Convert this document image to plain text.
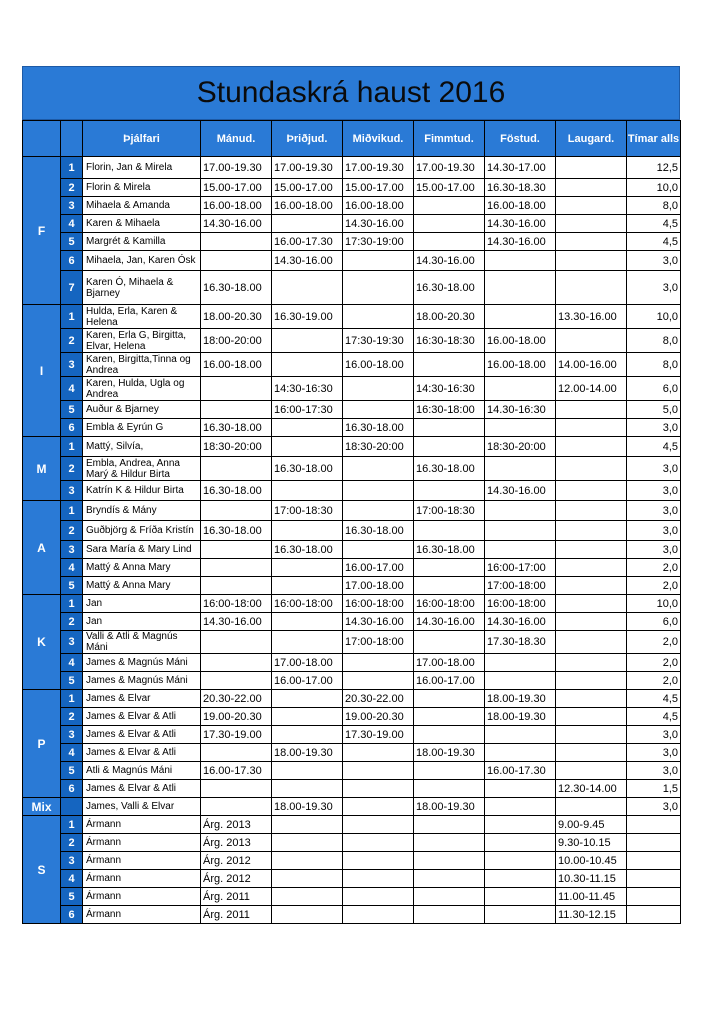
Stundaskrá haust 2016
		Þjálfari	Mánud.	Þriðjud.	Miðvikud.	Fimmtud.	Föstud.	Laugard.	Tímar alls
F	1	Florin, Jan & Mirela	17.00-19.30	17.00-19.30	17.00-19.30	17.00-19.30	14.30-17.00		12,5
	2	Florin & Mirela	15.00-17.00	15.00-17.00	15.00-17.00	15.00-17.00	16.30-18.30		10,0
	3	Mihaela & Amanda	16.00-18.00	16.00-18.00	16.00-18.00		16.00-18.00		8,0
	4	Karen & Mihaela	14.30-16.00		14.30-16.00		14.30-16.00		4,5
	5	Margrét & Kamilla		16.00-17.30	17:30-19:00		14.30-16.00		4,5
	6	Mihaela, Jan, Karen Ósk		14.30-16.00		14.30-16.00			3,0
	7	Karen Ó, Mihaela & Bjarney	16.30-18.00			16.30-18.00			3,0
I	1	Hulda, Erla, Karen & Helena	18.00-20.30	16.30-19.00		18.00-20.30		13.30-16.00	10,0
	2	Karen, Erla G, Birgitta, Elvar, Helena	18:00-20:00		17:30-19:30	16:30-18:30	16.00-18.00		8,0
	3	Karen, Birgitta,Tinna og Andrea	16.00-18.00		16.00-18.00		16.00-18.00	14.00-16.00	8,0
	4	Karen, Hulda, Ugla og Andrea		14:30-16:30		14:30-16:30		12.00-14.00	6,0
	5	Auður & Bjarney		16:00-17:30		16:30-18:00	14.30-16:30		5,0
	6	Embla & Eyrún G	16.30-18.00		16.30-18.00				3,0
M	1	Mattý, Silvía,	18:30-20:00		18:30-20:00		18:30-20:00		4,5
	2	Embla, Andrea, Anna Marý & Hildur Birta		16.30-18.00		16.30-18.00			3,0
	3	Katrín K & Hildur Birta	16.30-18.00				14.30-16.00		3,0
A	1	Bryndís & Mány		17:00-18:30		17:00-18:30			3,0
	2	Guðbjörg & Fríða Kristín	16.30-18.00		16.30-18.00				3,0
	3	Sara María & Mary Lind		16.30-18.00		16.30-18.00			3,0
	4	Mattý & Anna Mary			16.00-17.00		16:00-17:00		2,0
	5	Mattý & Anna Mary			17.00-18.00		17:00-18:00		2,0
K	1	Jan	16:00-18:00	16:00-18:00	16:00-18:00	16:00-18:00	16:00-18:00		10,0
	2	Jan	14.30-16.00		14.30-16.00	14.30-16.00	14.30-16.00		6,0
	3	Valli & Atli & Magnús Máni			17:00-18:00		17.30-18.30		2,0
	4	James & Magnús Máni		17.00-18.00		17.00-18.00			2,0
	5	James & Magnús Máni		16.00-17.00		16.00-17.00			2,0
P	1	James & Elvar	20.30-22.00		20.30-22.00		18.00-19.30		4,5
	2	James & Elvar & Atli	19.00-20.30		19.00-20.30		18.00-19.30		4,5
	3	James & Elvar & Atli	17.30-19.00		17.30-19.00				3,0
	4	James & Elvar & Atli		18.00-19.30		18.00-19.30			3,0
	5	Atli & Magnús Máni	16.00-17.30				16.00-17.30		3,0
	6	James & Elvar & Atli						12.30-14.00	1,5
Mix		James, Valli & Elvar		18.00-19.30		18.00-19.30			3,0
S	1	Ármann	Árg. 2013					9.00-9.45	
	2	Ármann	Árg. 2013					9.30-10.15	
	3	Ármann	Árg. 2012					10.00-10.45	
	4	Ármann	Árg. 2012					10.30-11.15	
	5	Ármann	Árg. 2011					11.00-11.45	
	6	Ármann	Árg. 2011					11.30-12.15	
